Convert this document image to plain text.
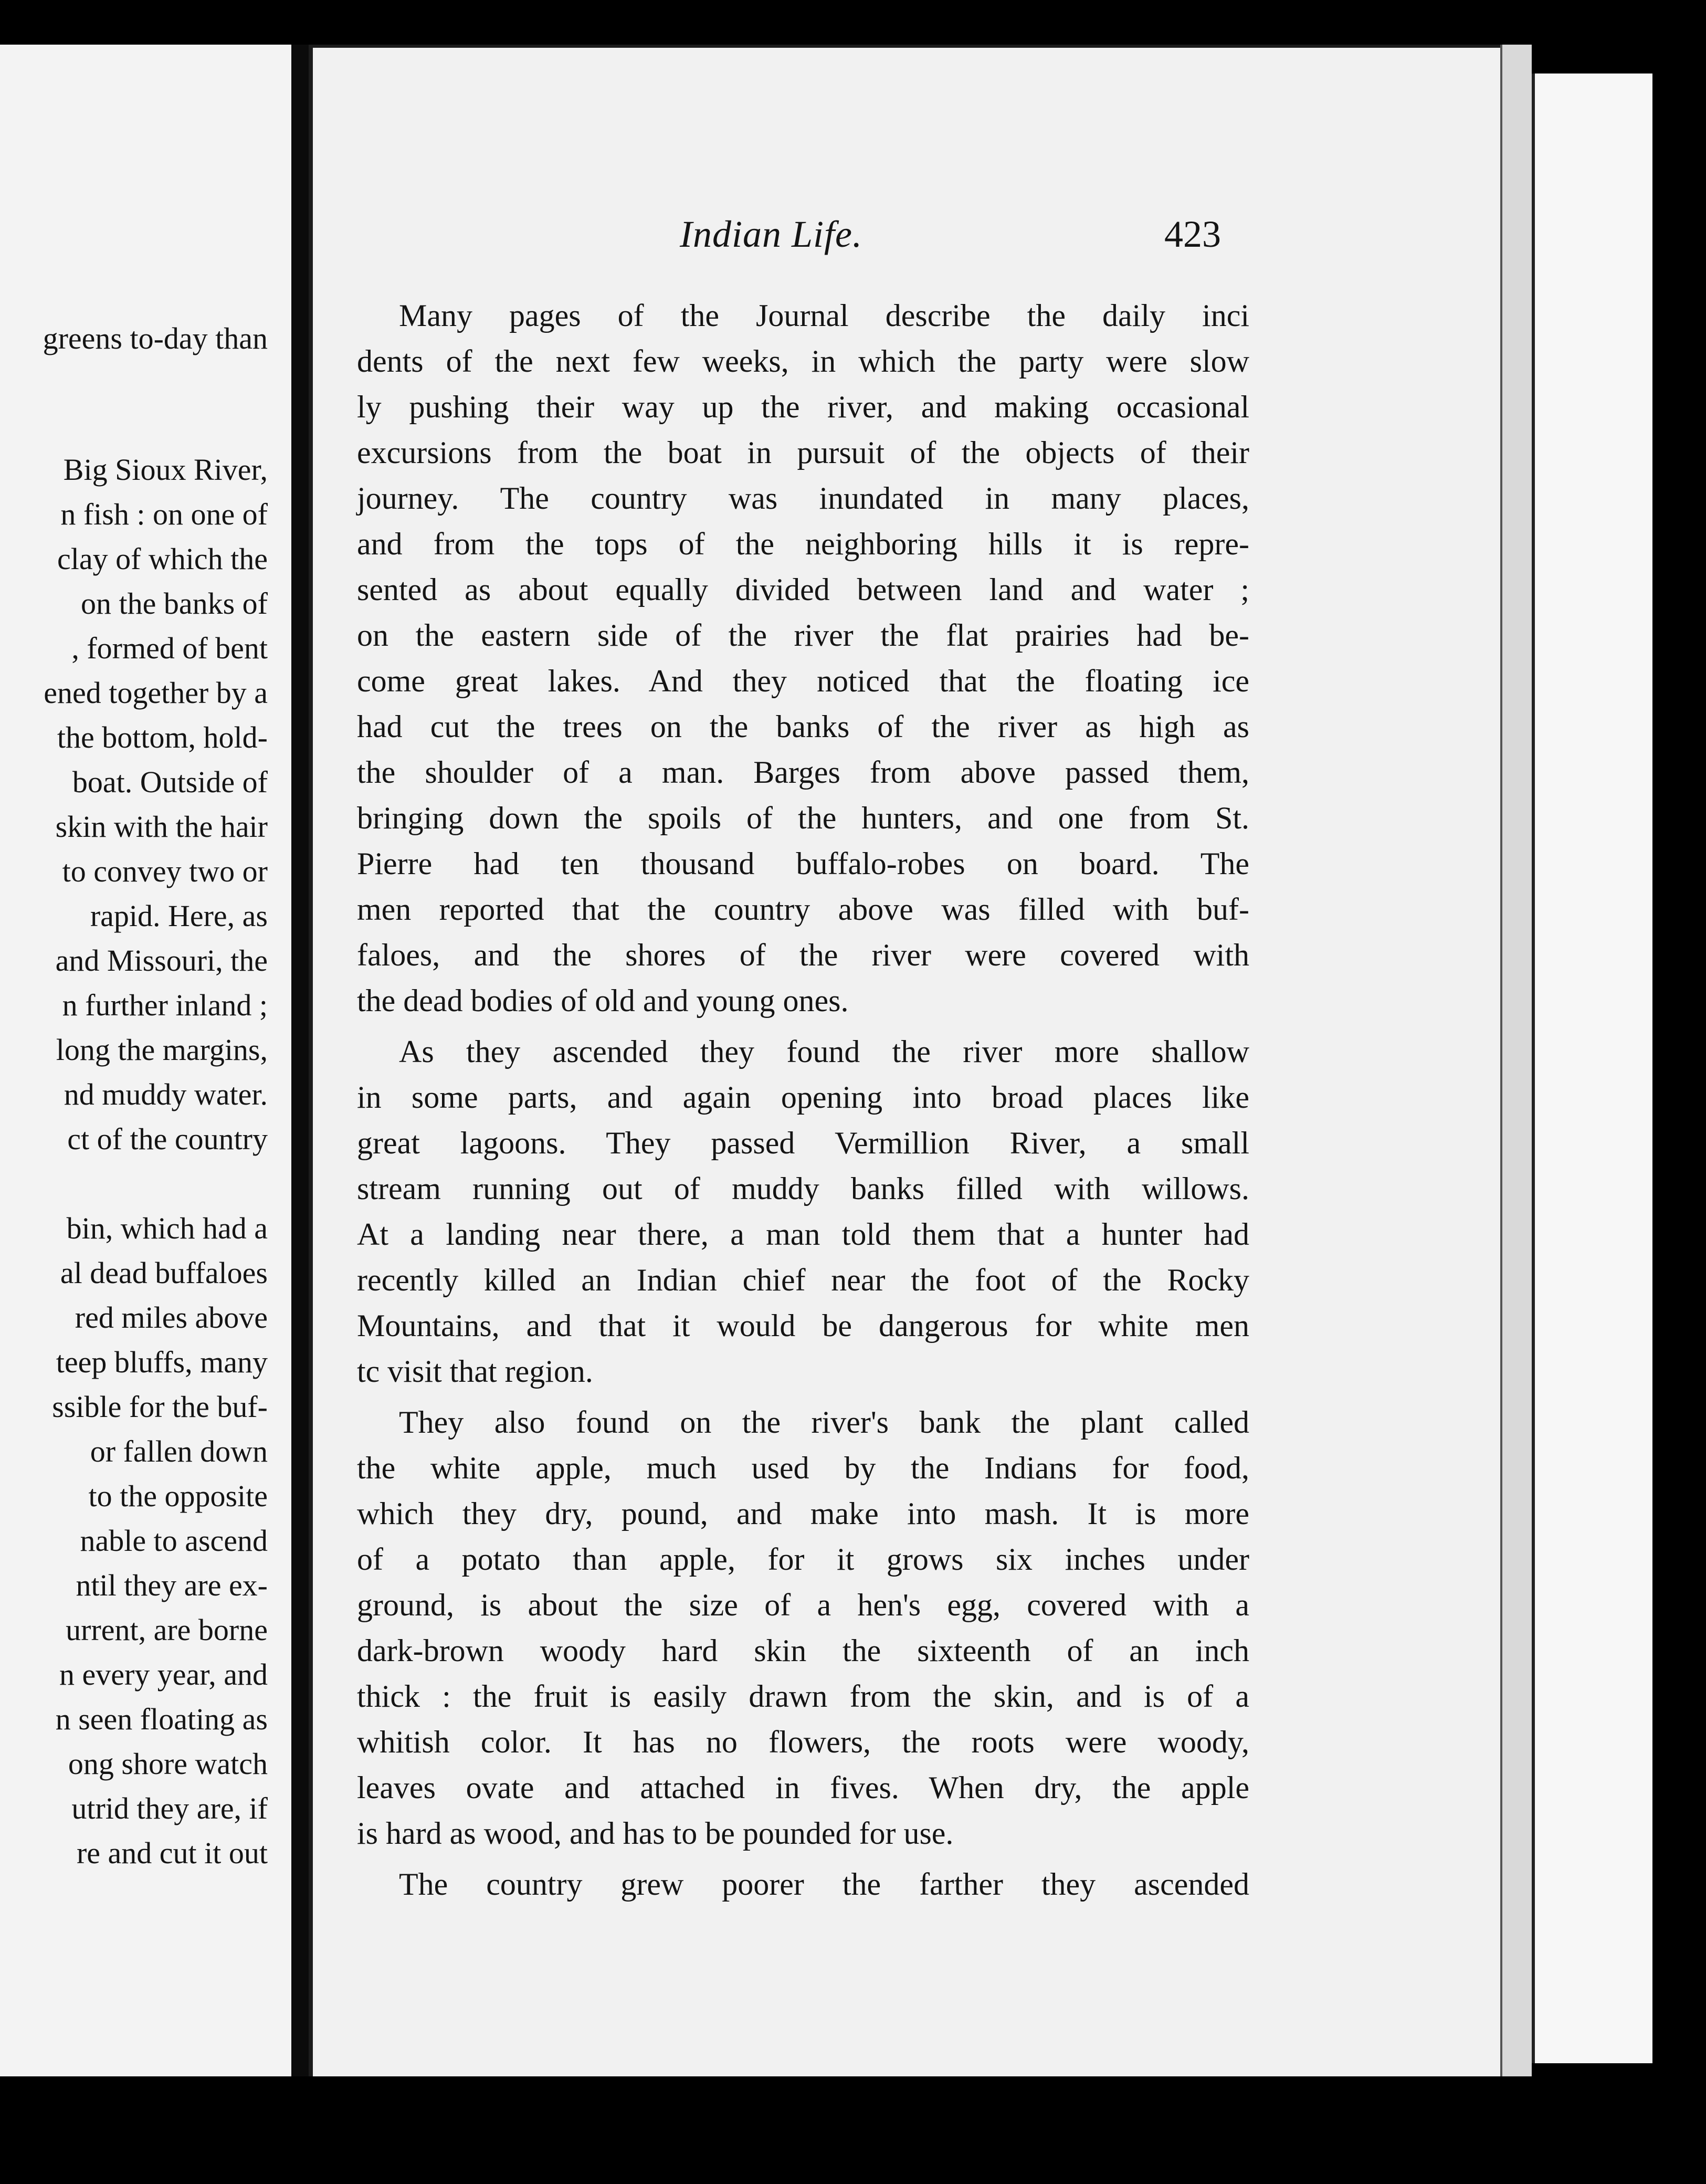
greens to-day than
Big Sioux River,
n fish : on one of
clay of which the
on the banks of
, formed of bent
ened together by a
the bottom, hold-
boat. Outside of
skin with the hair
to convey two or
rapid. Here, as
and Missouri, the
n further inland ;
long the margins,
nd muddy water.
ct of the country
bin, which had a
al dead buffaloes
red miles above
teep bluffs, many
ssible for the buf-
or fallen down
to the opposite
nable to ascend
ntil they are ex-
urrent, are borne
n every year, and
n seen floating as
ong shore watch
utrid they are, if
re and cut it out
Indian Life.	423
Many pages of the Journal describe the daily inci
dents of the next few weeks, in which the party were slow
ly pushing their way up the river, and making occasional
excursions from the boat in pursuit of the objects of their
journey. The country was inundated in many places,
and from the tops of the neighboring hills it is repre-
sented as about equally divided between land and water ;
on the eastern side of the river the flat prairies had be-
come great lakes. And they noticed that the floating ice
had cut the trees on the banks of the river as high as
the shoulder of a man. Barges from above passed them,
bringing down the spoils of the hunters, and one from St.
Pierre had ten thousand buffalo-robes on board. The
men reported that the country above was filled with buf-
faloes, and the shores of the river were covered with
the dead bodies of old and young ones.
As they ascended they found the river more shallow
in some parts, and again opening into broad places like
great lagoons. They passed Vermillion River, a small
stream running out of muddy banks filled with willows.
At a landing near there, a man told them that a hunter had
recently killed an Indian chief near the foot of the Rocky
Mountains, and that it would be dangerous for white men
tc visit that region.
They also found on the river's bank the plant called
the white apple, much used by the Indians for food,
which they dry, pound, and make into mash. It is more
of a potato than apple, for it grows six inches under
ground, is about the size of a hen's egg, covered with a
dark-brown woody hard skin the sixteenth of an inch
thick : the fruit is easily drawn from the skin, and is of a
whitish color. It has no flowers, the roots were woody,
leaves ovate and attached in fives. When dry, the apple
is hard as wood, and has to be pounded for use.
The country grew poorer the farther they ascended
